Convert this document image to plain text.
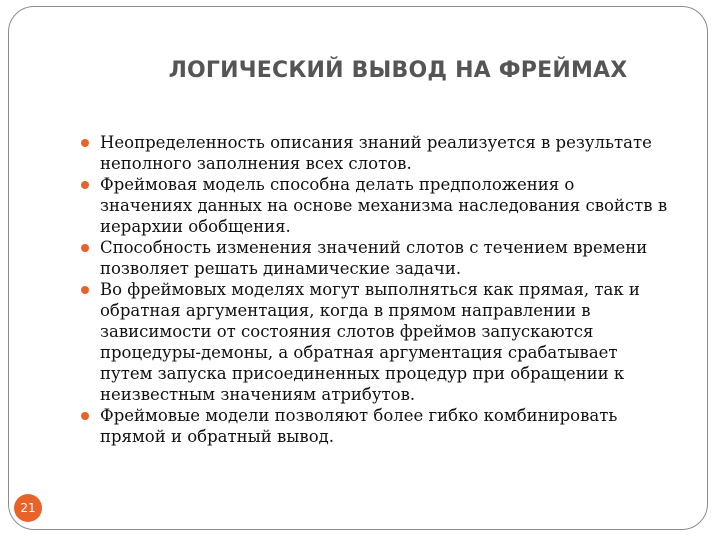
ЛОГИЧЕСКИЙ ВЫВОД НА ФРЕЙМАХ
Неопределенность описания знаний реализуется в результате неполного заполнения всех слотов.
Фреймовая модель способна делать предположения о значениях данных на основе механизма наследования свойств в иерархии обобщения.
Способность изменения значений слотов с течением времени позволяет решать динамические задачи.
Во фреймовых моделях могут выполняться как прямая, так и обратная аргументация, когда в прямом направлении в зависимости от состояния слотов фреймов запускаются процедуры-демоны, а обратная аргументация срабатывает путем запуска присоединенных процедур при обращении к неизвестным значениям атрибутов.
Фреймовые модели позволяют более гибко комбинировать прямой и обратный вывод.
21
